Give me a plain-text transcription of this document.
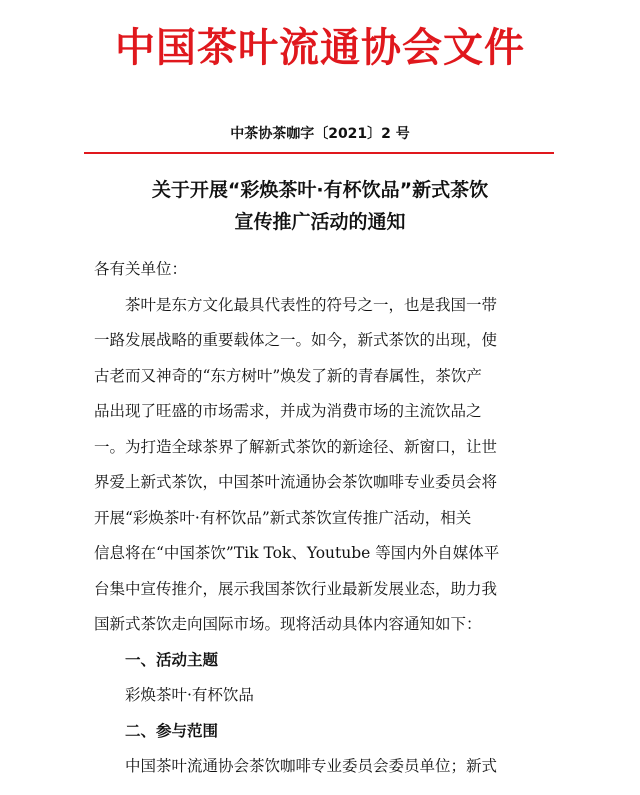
中国茶叶流通协会文件
中茶协茶咖字〔2021〕2 号
关于开展“彩焕茶叶·有杯饮品”新式茶饮
宣传推广活动的通知
各有关单位：
茶叶是东方文化最具代表性的符号之一，也是我国一带
一路发展战略的重要载体之一。如今，新式茶饮的出现，使
古老而又神奇的“东方树叶”焕发了新的青春属性，茶饮产
品出现了旺盛的市场需求，并成为消费市场的主流饮品之
一。为打造全球茶界了解新式茶饮的新途径、新窗口，让世
界爱上新式茶饮，中国茶叶流通协会茶饮咖啡专业委员会将
开展“彩焕茶叶·有杯饮品”新式茶饮宣传推广活动，相关
信息将在“中国茶饮”Tik Tok、Youtube 等国内外自媒体平
台集中宣传推介，展示我国茶饮行业最新发展业态，助力我
国新式茶饮走向国际市场。现将活动具体内容通知如下：
一、活动主题
彩焕茶叶·有杯饮品
二、参与范围
中国茶叶流通协会茶饮咖啡专业委员会委员单位；新式
